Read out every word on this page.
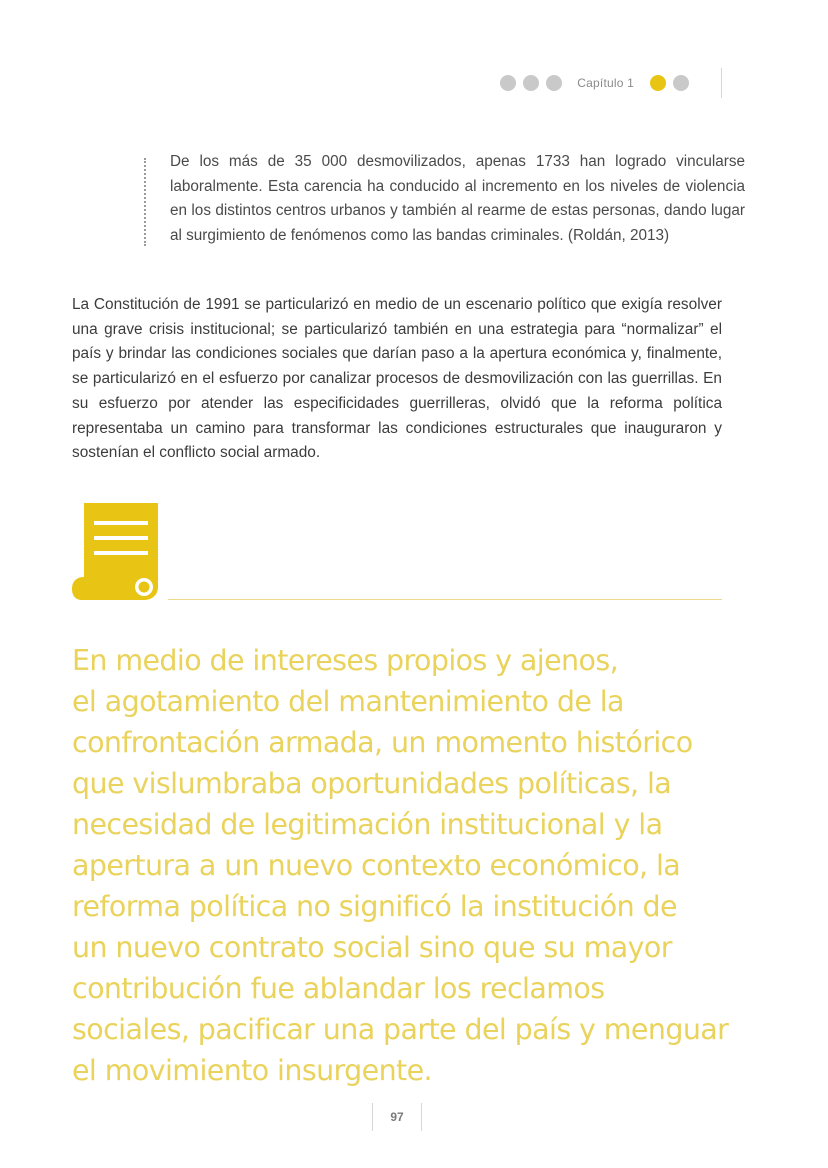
Capítulo 1

De los más de 35 000 desmovilizados, apenas 1733 han logrado vincularse laboralmente. Esta carencia ha conducido al incremento en los niveles de violencia en los distintos centros urbanos y también al rearme de estas personas, dando lugar al surgimiento de fenómenos como las bandas criminales. (Roldán, 2013)

La Constitución de 1991 se particularizó en medio de un escenario político que exigía resolver una grave crisis institucional; se particularizó también en una estrategia para “normalizar” el país y brindar las condiciones sociales que darían paso a la apertura económica y, finalmente, se particularizó en el esfuerzo por canalizar procesos de desmovilización con las guerrillas. En su esfuerzo por atender las especificidades guerrilleras, olvidó que la reforma política representaba un camino para transformar las condiciones estructurales que inauguraron y sostenían el conflicto social armado.

En medio de intereses propios y ajenos,
el agotamiento del mantenimiento de la
confrontación armada, un momento histórico
que vislumbraba oportunidades políticas, la
necesidad de legitimación institucional y la
apertura a un nuevo contexto económico, la
reforma política no significó la institución de
un nuevo contrato social sino que su mayor
contribución fue ablandar los reclamos
sociales, pacificar una parte del país y menguar
el movimiento insurgente.

97
